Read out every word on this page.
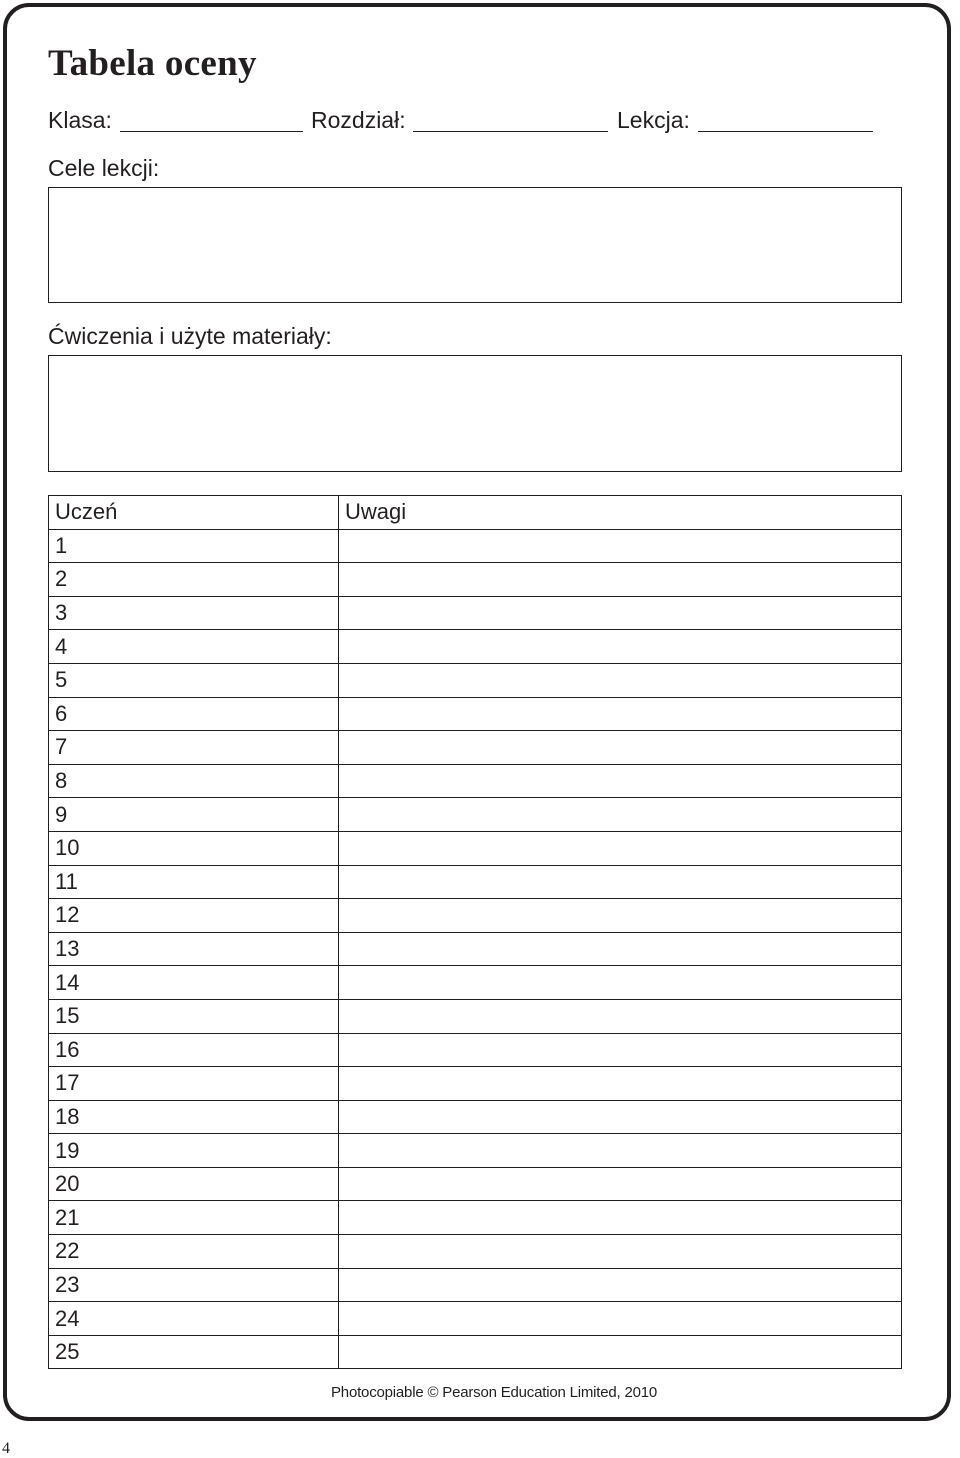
Tabela oceny
Klasa:	Rozdział:	Lekcja:
Cele lekcji:
Ćwiczenia i użyte materiały:
Uczeń	Uwagi
1	
2	
3	
4	
5	
6	
7	
8	
9	
10	
11	
12	
13	
14	
15	
16	
17	
18	
19	
20	
21	
22	
23	
24	
25	
Photocopiable © Pearson Education Limited, 2010
4
